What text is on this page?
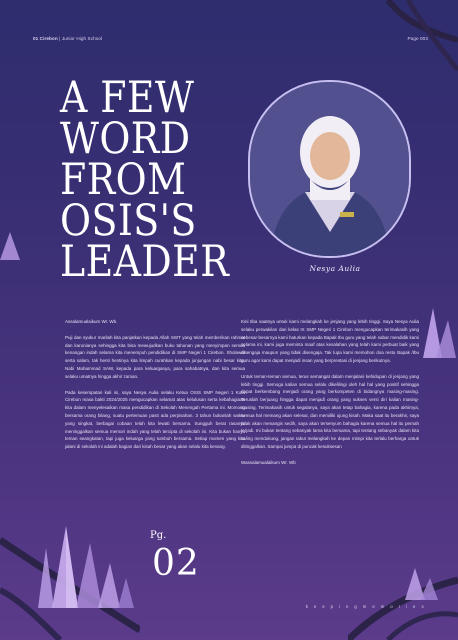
01 Cirebon | Junior High School	Page 003
A FEW
WORD
FROM
OSIS'S
LEADER	Nesya Aulia

Assalamualaikum Wr. Wb.

Puji dan syukur marilah kita panjatkan kepada Allah SWT yang telah memberikan rahmat dan karunianya sehingga kita bisa mewujudkan buku tahunan yang menyimpan semua kenangan indah selama kita menempuh pendidikan di SMP Negeri 1 Cirebon. Sholawat serta salam, tak henti hentinya kita limpah curahkan kepada junjungan nabi besar kita, Nabi Muhammad SAW, kepada para keluarganya, para sahabatnya, dan kita semua selaku umatnya hingga akhir zaman.

Pada kesempatan kali ini, saya Nesya Aulia selaku Ketua OSIS SMP Negeri 1 Kota Cirebon masa bakti 2024/2025 mengucapkan selamat atas kelulusan serta kebahagiaan kita dalam menyelesaikan masa pendidikan di Sekolah Menengah Pertama ini. Momong bersama orang bilang, suatu pertemuan pasti ada perpisahan. 3 tahun bukanlah waktu yang singkat, berbagai cobaan telah kita lewati bersama. Sungguh berat rasanya meninggalkan semua memori indah yang telah tercipta di sekolah ini. Kita bukan hanya teman seangkatan, tapi juga keluarga yang tumbuh bersama. Setiap momen yang kita jalani di sekolah ini adalah bagian dari kisah besar yang akan selalu kita kenang.

Kini tiba saatnya untuk kami melangkah ke jenjang yang lebih tinggi. Saya Nesya Aulia selaku perwakilan dari kelas IX SMP Negeri 1 Cirebon mengucapkan terimakasih yang sebesar-besarnya kami haturkan kepada Bapak Ibu guru yang telah sabar mendidik kami selama ini, kami juga meminta maaf atas kesalahan yang telah kami perbuat baik yang disengaja maupun yang tidak disengaja. Tak lupa kami memohon doa restu Bapak /Ibu guru agar kami dapat menjadi insan yang berprestasi di jenjang berikutnya.

Untuk teman-teman semua, terus semangat dalam menjalani kehidupan di jenjang yang lebih tinggi. Semoga kalian semua selalu dikelilingi oleh hal hal yang positif sehingga dapat berkembang menjadi orang yang berkompeten di bidangnya masing-masing. Teruslah berjuang hingga dapat menjadi orang yang sukses versi diri kalian masing-masing. Terimakasih untuk segalanya, saya akan tetap bahagia, karena pada akhirnya, semua hal memang akan selesai, dan memiliki ujung kisah. Maka saat itu berakhir, saya tidak akan menangis sedih, saya akan tersenyum bahagia karena semua hal itu pernah terjadi. Ini bukan tentang sebanyak lama kita bersama, tapi tentang sebanyak dalam kita saling mendukung, jangan takut melangkah ke depan mimpi kita terlalu berharga untuk ditinggalkan. Sampai jumpa di puncak kesuksesan

Wassalamualaikum Wr. Wb

Pg.
02
k e e p i n g m e m o r i e s
